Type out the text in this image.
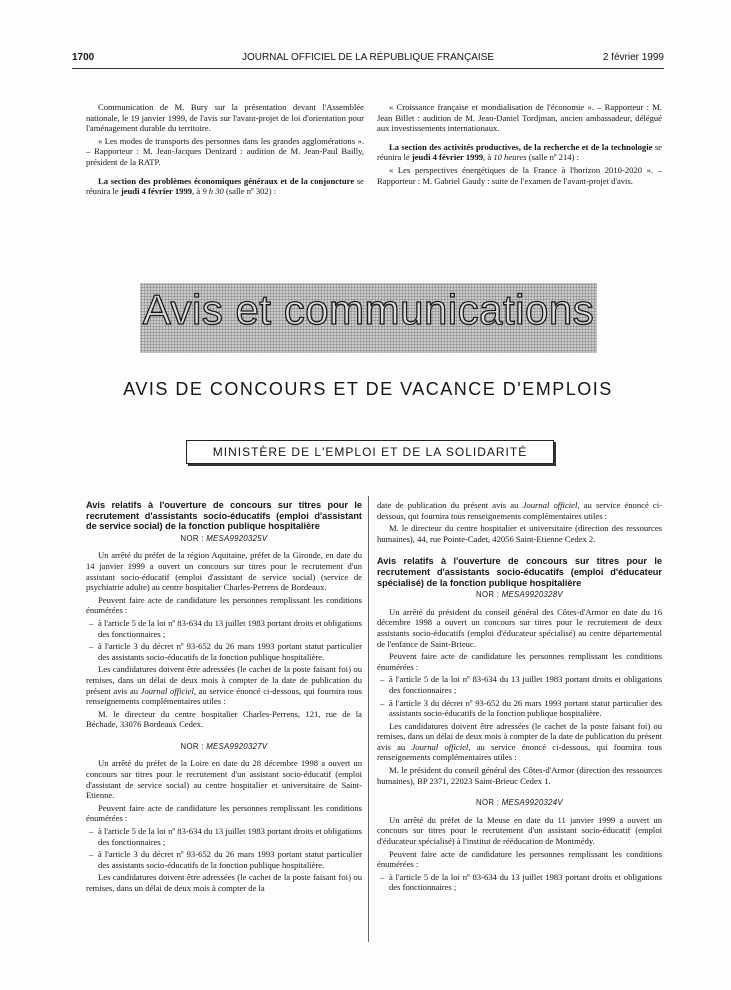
1700	JOURNAL OFFICIEL DE LA RÉPUBLIQUE FRANÇAISE	2 février 1999

Communication de M. Bury sur la présentation devant l'Assemblée nationale, le 19 janvier 1999, de l'avis sur l'avant-projet de loi d'orientation pour l'aménagement durable du territoire.

« Les modes de transports des personnes dans les grandes agglomérations ». – Rapporteur : M. Jean-Jacques Denizard : audition de M. Jean-Paul Bailly, président de la RATP.

La section des problèmes économiques généraux et de la conjoncture se réunira le jeudi 4 février 1999, à 9 h 30 (salle nº 302) :

« Croissance française et mondialisation de l'économie ». – Rapporteur : M. Jean Billet : audition de M. Jean-Daniel Tordjman, ancien ambassadeur, délégué aux investissements internationaux.

La section des activités productives, de la recherche et de la technologie se réunira le jeudi 4 février 1999, à 10 heures (salle nº 214) :

« Les perspectives énergétiques de la France à l'horizon 2010-2020 ». – Rapporteur : M. Gabriel Gaudy : suite de l'examen de l'avant-projet d'avis.

Avis et communications
AVIS DE CONCOURS ET DE VACANCE D'EMPLOIS
MINISTÈRE DE L'EMPLOI ET DE LA SOLIDARITÉ

Avis relatifs à l'ouverture de concours sur titres pour le recrutement d'assistants socio-éducatifs (emploi d'assistant de service social) de la fonction publique hospitalière

NOR : MESA9920325V

Un arrêté du préfet de la région Aquitaine, préfet de la Gironde, en date du 14 janvier 1999 a ouvert un concours sur titres pour le recrutement d'un assistant socio-éducatif (emploi d'assistant de service social) (service de psychiatrie adulte) au centre hospitalier Charles-Perrens de Bordeaux.

Peuvent faire acte de candidature les personnes remplissant les conditions énumérées :

– à l'article 5 de la loi nº 83-634 du 13 juillet 1983 portant droits et obligations des fonctionnaires ;

– à l'article 3 du décret nº 93-652 du 26 mars 1993 portant statut particulier des assistants socio-éducatifs de la fonction publique hospitalière.

Les candidatures doivent être adressées (le cachet de la poste faisant foi) ou remises, dans un délai de deux mois à compter de la date de publication du présent avis au Journal officiel, au service énoncé ci-dessous, qui fournira tous renseignements complémentaires utiles :

M. le directeur du centre hospitalier Charles-Perrens, 121, rue de la Béchade, 33076 Bordeaux Cedex.

NOR : MESA9920327V

Un arrêté du préfet de la Loire en date du 28 décembre 1998 a ouvert un concours sur titres pour le recrutement d'un assistant socio-éducatif (emploi d'assistant de service social) au centre hospitalier et universitaire de Saint-Etienne.

Peuvent faire acte de candidature les personnes remplissant les conditions énumérées :

– à l'article 5 de la loi nº 83-634 du 13 juillet 1983 portant droits et obligations des fonctionnaires ;

– à l'article 3 du décret nº 93-652 du 26 mars 1993 portant statut particulier des assistants socio-éducatifs de la fonction publique hospitalière.

Les candidatures doivent être adressées (le cachet de la poste faisant foi) ou remises, dans un délai de deux mois à compter de la

date de publication du présent avis au Journal officiel, au service énoncé ci-dessous, qui fournira tous renseignements complémentaires utiles :

M. le directeur du centre hospitalier et universitaire (direction des ressources humaines), 44, rue Pointe-Cadet, 42056 Saint-Etienne Cedex 2.

Avis relatifs à l'ouverture de concours sur titres pour le recrutement d'assistants socio-éducatifs (emploi d'éducateur spécialisé) de la fonction publique hospitalière

NOR : MESA9920328V

Un arrêté du président du conseil général des Côtes-d'Armor en date du 16 décembre 1998 a ouvert un concours sur titres pour le recrutement de deux assistants socio-éducatifs (emploi d'éducateur spécialisé) au centre départemental de l'enfance de Saint-Brieuc.

Peuvent faire acte de candidature les personnes remplissant les conditions énumérées :

– à l'article 5 de la loi nº 83-634 du 13 juillet 1983 portant droits et obligations des fonctionnaires ;

– à l'article 3 du décret nº 93-652 du 26 mars 1993 portant statut particulier des assistants socio-éducatifs de la fonction publique hospitalière.

Les candidatures doivent être adressées (le cachet de la poste faisant foi) ou remises, dans un délai de deux mois à compter de la date de publication du présent avis au Journal officiel, au service énoncé ci-dessous, qui fournira tous renseignements complémentaires utiles :

M. le président du conseil général des Côtes-d'Armor (direction des ressources humaines), BP 2371, 22023 Saint-Brieuc Cedex 1.

NOR : MESA9920324V

Un arrêté du préfet de la Meuse en date du 11 janvier 1999 a ouvert un concours sur titres pour le recrutement d'un assistant socio-éducatif (emploi d'éducateur spécialisé) à l'institut de rééducation de Montmédy.

Peuvent faire acte de candidature les personnes remplissant les conditions énumérées :

– à l'article 5 de la loi nº 83-634 du 13 juillet 1983 portant droits et obligations des fonctionnaires ;
